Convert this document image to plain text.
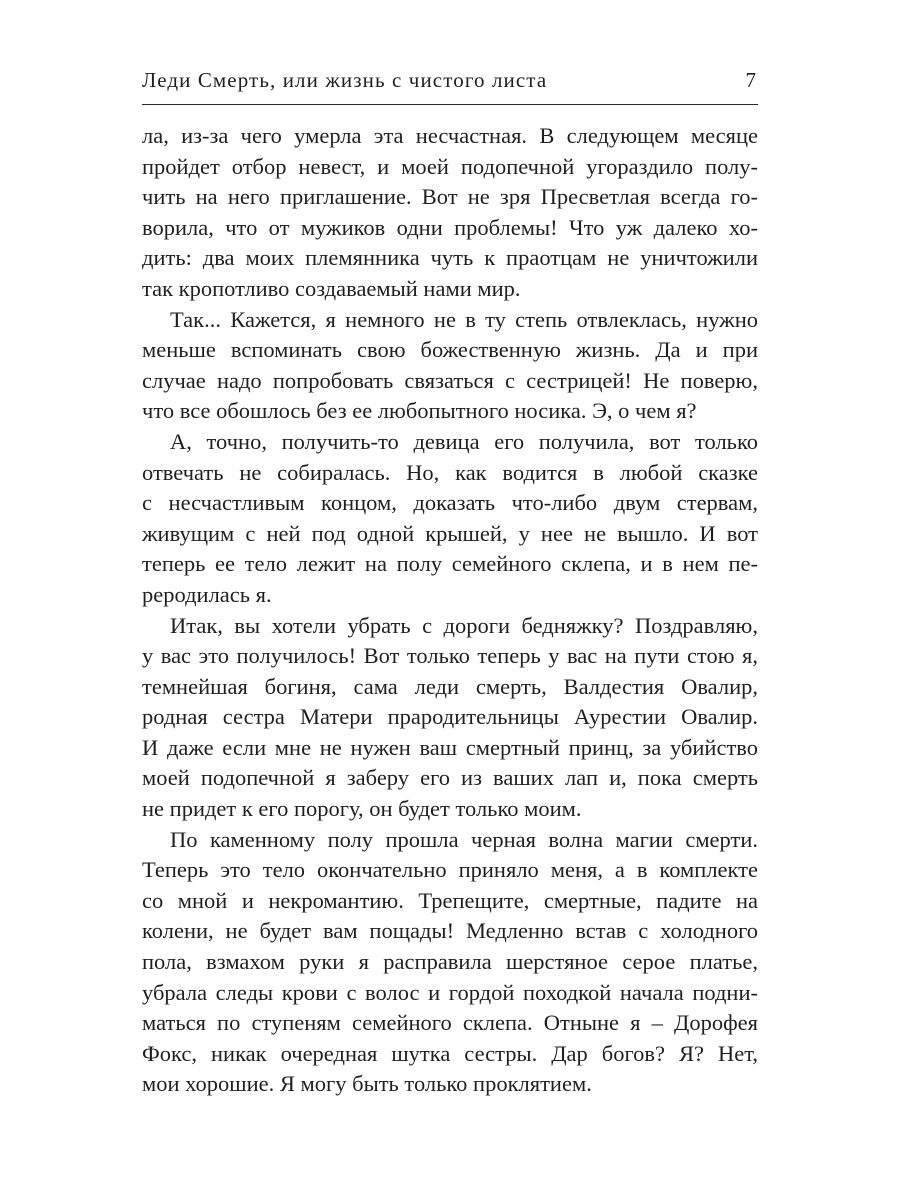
Леди Смерть, или жизнь с чистого листа	7

ла, из-за чего умерла эта несчастная. В следующем месяце
пройдет отбор невест, и моей подопечной угораздило полу-
чить на него приглашение. Вот не зря Пресветлая всегда го-
ворила, что от мужиков одни проблемы! Что уж далеко хо-
дить: два моих племянника чуть к праотцам не уничтожили
так кропотливо создаваемый нами мир.

Так... Кажется, я немного не в ту степь отвлеклась, нужно
меньше вспоминать свою божественную жизнь. Да и при
случае надо попробовать связаться с сестрицей! Не поверю,
что все обошлось без ее любопытного носика. Э, о чем я?

А, точно, получить-то девица его получила, вот только
отвечать не собиралась. Но, как водится в любой сказке
с несчастливым концом, доказать что-либо двум стервам,
живущим с ней под одной крышей, у нее не вышло. И вот
теперь ее тело лежит на полу семейного склепа, и в нем пе-
реродилась я.

Итак, вы хотели убрать с дороги бедняжку? Поздравляю,
у вас это получилось! Вот только теперь у вас на пути стою я,
темнейшая богиня, сама леди смерть, Валдестия Овалир,
родная сестра Матери прародительницы Аурестии Овалир.
И даже если мне не нужен ваш смертный принц, за убийство
моей подопечной я заберу его из ваших лап и, пока смерть
не придет к его порогу, он будет только моим.

По каменному полу прошла черная волна магии смерти.
Теперь это тело окончательно приняло меня, а в комплекте
со мной и некромантию. Трепещите, смертные, падите на
колени, не будет вам пощады! Медленно встав с холодного
пола, взмахом руки я расправила шерстяное серое платье,
убрала следы крови с волос и гордой походкой начала подни-
маться по ступеням семейного склепа. Отныне я – Дорофея
Фокс, никак очередная шутка сестры. Дар богов? Я? Нет,
мои хорошие. Я могу быть только проклятием.
